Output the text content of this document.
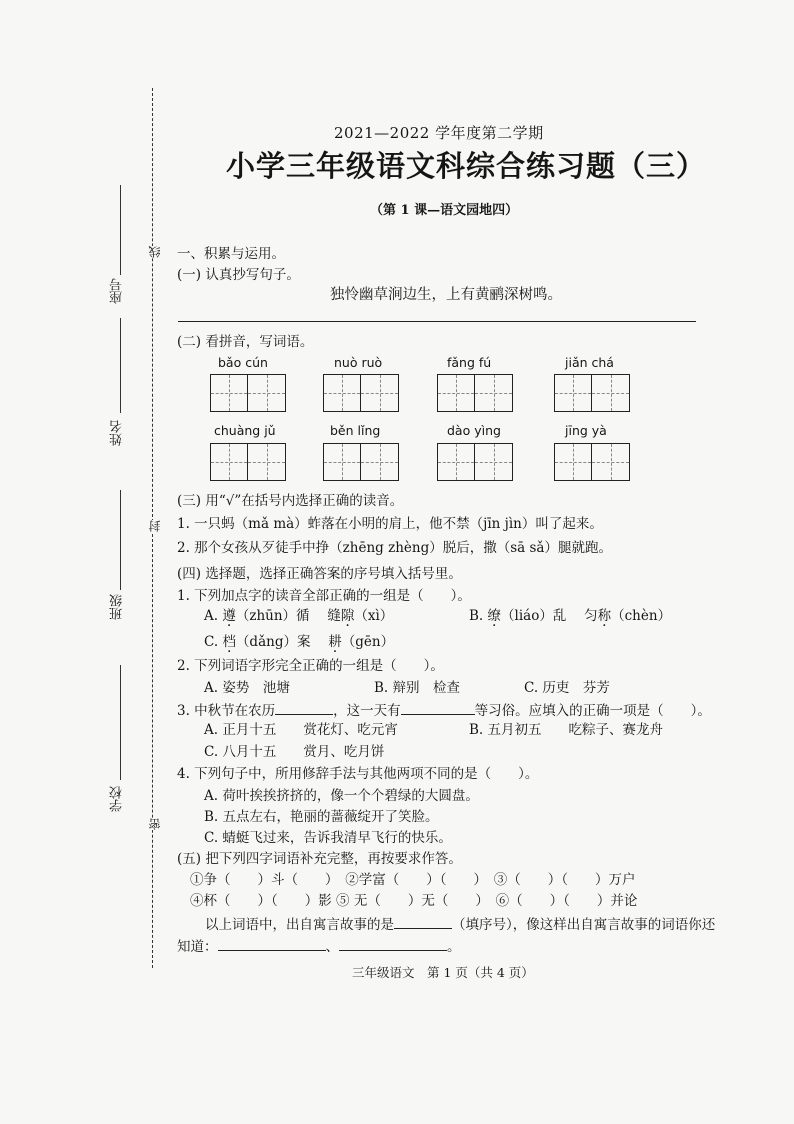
线
封
密
座号
姓名
班级
学校
2021—2022 学年度第二学期
小学三年级语文科综合练习题（三）
（第 1 课—语文园地四）
一、积累与运用。
(一) 认真抄写句子。
独怜幽草涧边生，上有黄鹂深树鸣。
(二) 看拼音，写词语。
bǎo cún	nuò ruò	fǎng fú	jiǎn chá
chuàng jǔ	běn lǐng	dào yìng	jīng yà
(三) 用“√”在括号内选择正确的读音。
1. 一只蚂（mǎ mà）蚱落在小明的肩上，他不禁（jīn jìn）叫了起来。
2. 那个女孩从歹徒手中挣（zhēng zhèng）脱后，撒（sā sǎ）腿就跑。
(四) 选择题，选择正确答案的序号填入括号里。
1. 下列加点字的读音全部正确的一组是（　　）。
A. 遵（zhūn）循　 缝隙（xì）	B. 缭（liáo）乱　 匀称（chèn）
C. 档（dǎng）案　 耕（gēn）
2. 下列词语字形完全正确的一组是（　　）。
A. 姿势　池塘	B. 辩别　检查	C. 历吏　芬芳
3. 中秋节在农历	，这一天有	等习俗。应填入的正确一项是（　　）。
A. 正月十五　　赏花灯、吃元宵	B. 五月初五　　吃粽子、赛龙舟
C. 八月十五　　赏月、吃月饼
4. 下列句子中，所用修辞手法与其他两项不同的是（　　）。
A. 荷叶挨挨挤挤的，像一个个碧绿的大圆盘。
B. 五点左右，艳丽的蔷薇绽开了笑脸。
C. 蜻蜓飞过来，告诉我清早飞行的快乐。
(五) 把下列四字词语补充完整，再按要求作答。
①争（　　）斗（　　）　②学富（　　）（　　）　③（　　）（　　）万户
④杯（　　）（　　）影 ⑤ 无（　　）无（　　）　⑥（　　）（　　）并论
以上词语中，出自寓言故事的是	（填序号），像这样出自寓言故事的词语你还
知道：	、	。
三年级语文　第 1 页（共 4 页）
